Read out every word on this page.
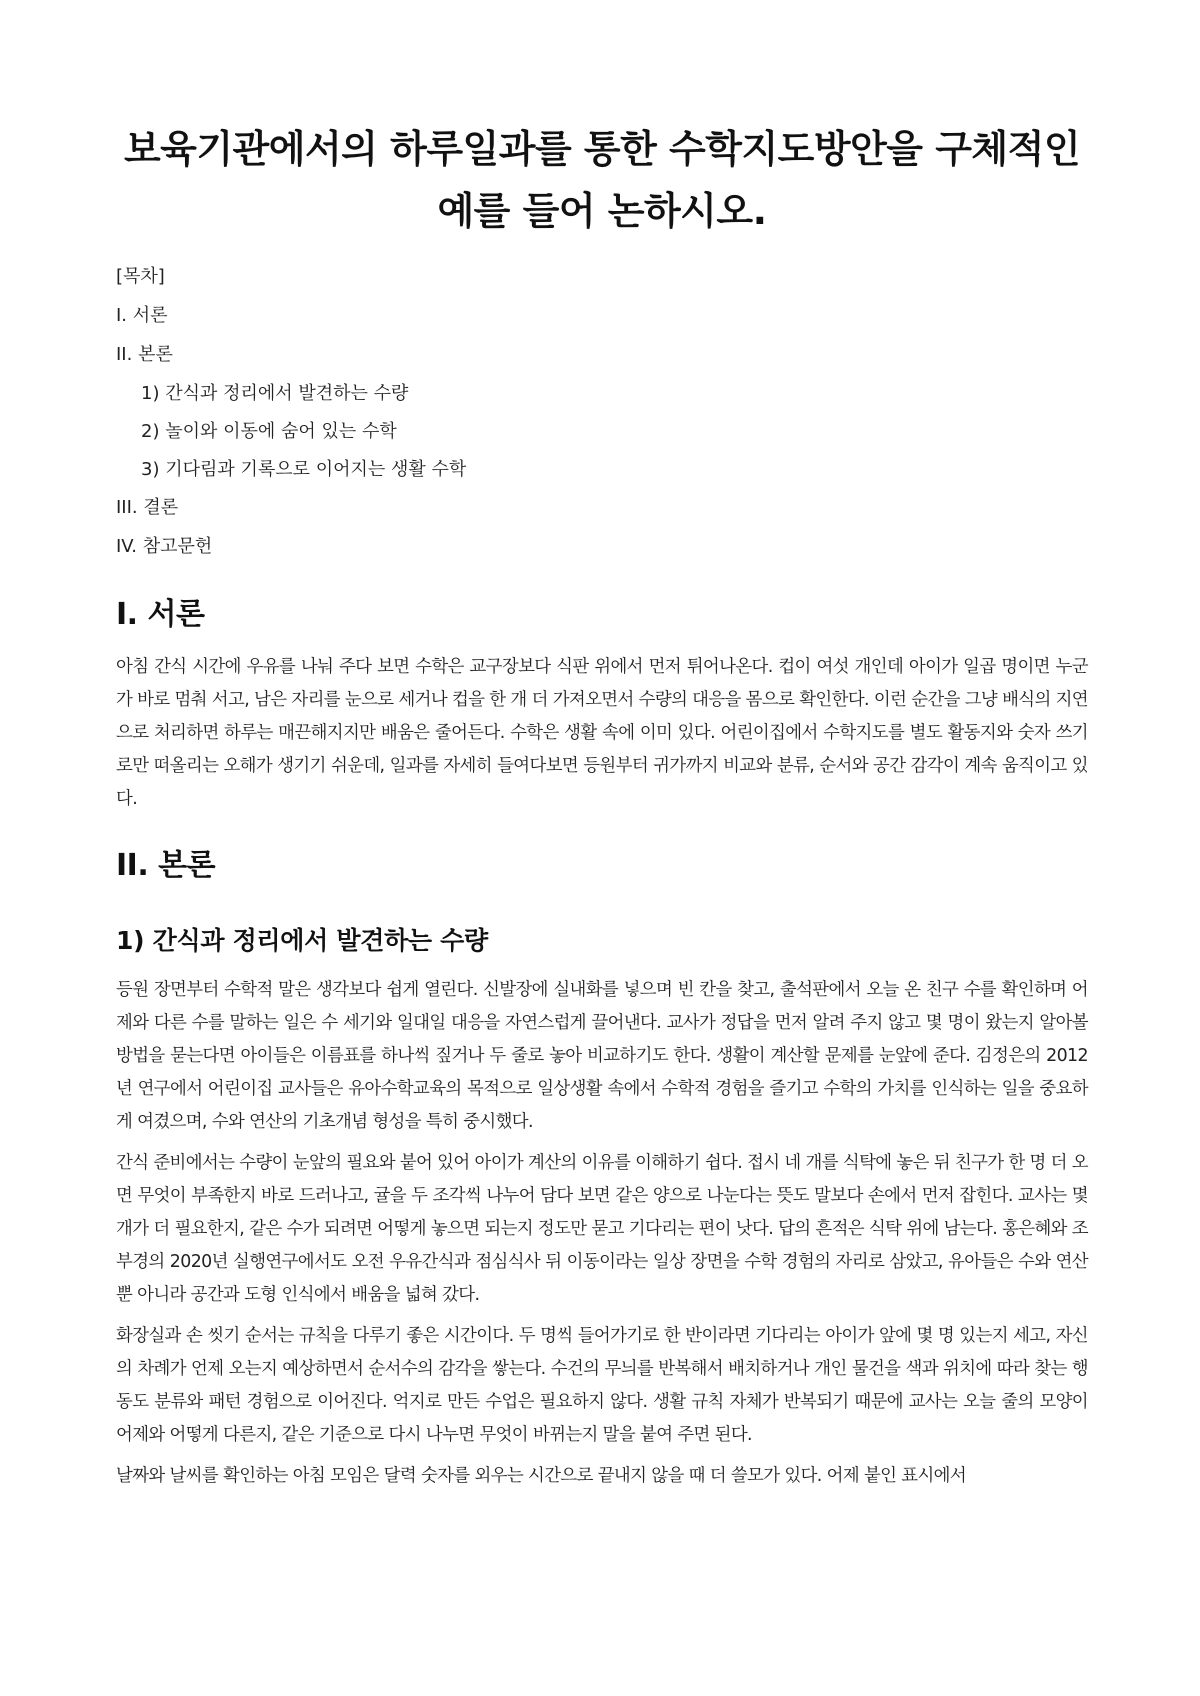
보육기관에서의 하루일과를 통한 수학지도방안을 구체적인 예를 들어 논하시오.
[목차]
I. 서론
II. 본론
1) 간식과 정리에서 발견하는 수량
2) 놀이와 이동에 숨어 있는 수학
3) 기다림과 기록으로 이어지는 생활 수학
III. 결론
IV. 참고문헌
I. 서론

아침 간식 시간에 우유를 나눠 주다 보면 수학은 교구장보다 식판 위에서 먼저 튀어나온다. 컵이 여섯 개인데 아이가 일곱 명이면 누군가 바로 멈춰 서고, 남은 자리를 눈으로 세거나 컵을 한 개 더 가져오면서 수량의 대응을 몸으로 확인한다. 이런 순간을 그냥 배식의 지연으로 처리하면 하루는 매끈해지지만 배움은 줄어든다. 수학은 생활 속에 이미 있다. 어린이집에서 수학지도를 별도 활동지와 숫자 쓰기로만 떠올리는 오해가 생기기 쉬운데, 일과를 자세히 들여다보면 등원부터 귀가까지 비교와 분류, 순서와 공간 감각이 계속 움직이고 있다.

II. 본론
1) 간식과 정리에서 발견하는 수량

등원 장면부터 수학적 말은 생각보다 쉽게 열린다. 신발장에 실내화를 넣으며 빈 칸을 찾고, 출석판에서 오늘 온 친구 수를 확인하며 어제와 다른 수를 말하는 일은 수 세기와 일대일 대응을 자연스럽게 끌어낸다. 교사가 정답을 먼저 알려 주지 않고 몇 명이 왔는지 알아볼 방법을 묻는다면 아이들은 이름표를 하나씩 짚거나 두 줄로 놓아 비교하기도 한다. 생활이 계산할 문제를 눈앞에 준다. 김정은의 2012년 연구에서 어린이집 교사들은 유아수학교육의 목적으로 일상생활 속에서 수학적 경험을 즐기고 수학의 가치를 인식하는 일을 중요하게 여겼으며, 수와 연산의 기초개념 형성을 특히 중시했다.

간식 준비에서는 수량이 눈앞의 필요와 붙어 있어 아이가 계산의 이유를 이해하기 쉽다. 접시 네 개를 식탁에 놓은 뒤 친구가 한 명 더 오면 무엇이 부족한지 바로 드러나고, 귤을 두 조각씩 나누어 담다 보면 같은 양으로 나눈다는 뜻도 말보다 손에서 먼저 잡힌다. 교사는 몇 개가 더 필요한지, 같은 수가 되려면 어떻게 놓으면 되는지 정도만 묻고 기다리는 편이 낫다. 답의 흔적은 식탁 위에 남는다. 홍은혜와 조부경의 2020년 실행연구에서도 오전 우유간식과 점심식사 뒤 이동이라는 일상 장면을 수학 경험의 자리로 삼았고, 유아들은 수와 연산뿐 아니라 공간과 도형 인식에서 배움을 넓혀 갔다.

화장실과 손 씻기 순서는 규칙을 다루기 좋은 시간이다. 두 명씩 들어가기로 한 반이라면 기다리는 아이가 앞에 몇 명 있는지 세고, 자신의 차례가 언제 오는지 예상하면서 순서수의 감각을 쌓는다. 수건의 무늬를 반복해서 배치하거나 개인 물건을 색과 위치에 따라 찾는 행동도 분류와 패턴 경험으로 이어진다. 억지로 만든 수업은 필요하지 않다. 생활 규칙 자체가 반복되기 때문에 교사는 오늘 줄의 모양이 어제와 어떻게 다른지, 같은 기준으로 다시 나누면 무엇이 바뀌는지 말을 붙여 주면 된다.

날짜와 날씨를 확인하는 아침 모임은 달력 숫자를 외우는 시간으로 끝내지 않을 때 더 쓸모가 있다. 어제 붙인 표시에서
